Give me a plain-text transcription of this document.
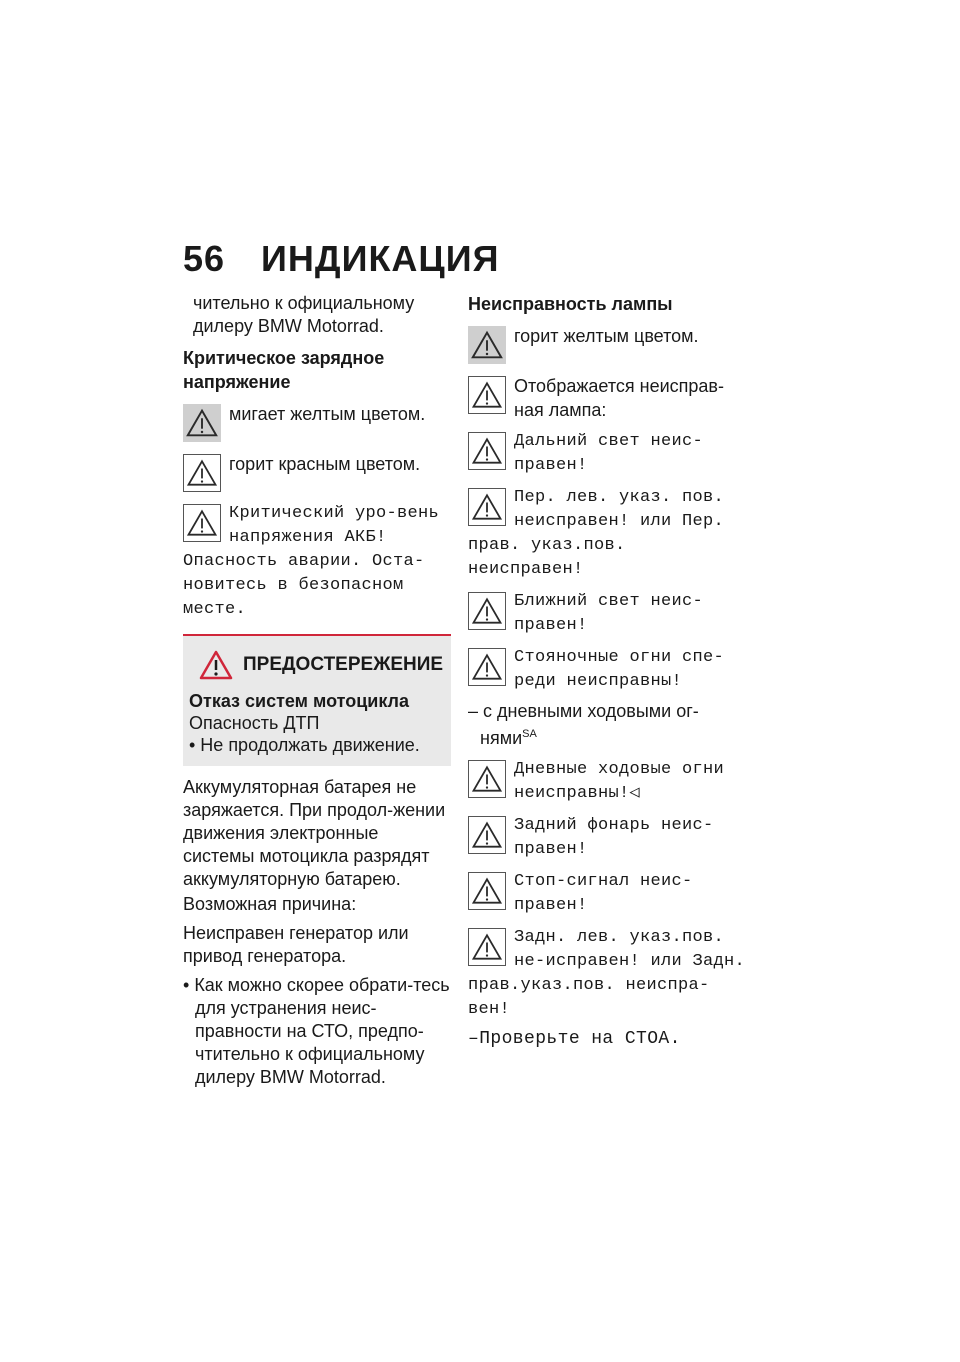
56 ИНДИКАЦИЯ
чительно к официальному дилеру BMW Motorrad.
Критическое зарядное напряжение
мигает желтым цветом.
горит красным цветом.
Критический уро-вень напряжения АКБ! Опасность аварии. Оста-новитесь в безопасном месте.
ПРЕДОСТЕРЕЖЕНИЕ
Отказ систем мотоцикла
Опасность ДТП
• Не продолжать движение.
Аккумуляторная батарея не заряжается. При продол-жении движения электронные системы мотоцикла разрядят аккумуляторную батарею.
Возможная причина:
Неисправен генератор или привод генератора.
• Как можно скорее обрати-тесь для устранения неис-правности на СТО, предпо-чтительно к официальному дилеру BMW Motorrad.
Неисправность лампы
горит желтым цветом.
Отображается неисправ-ная лампа:
Дальний свет неис-правен!
Пер. лев. указ. пов. неисправен! или Пер. прав. указ.пов. неисправен!
Ближний свет неис-правен!
Стояночные огни спе-реди неисправны!
– с дневными ходовыми ог-нями$^{SA}$
Дневные ходовые огни неисправны!◁
Задний фонарь неис-правен!
Стоп-сигнал неис-правен!
Задн. лев. указ.пов. не-исправен! или Задн. прав.указ.пов. неиспра-вен!
–Проверьте на СТОА.
